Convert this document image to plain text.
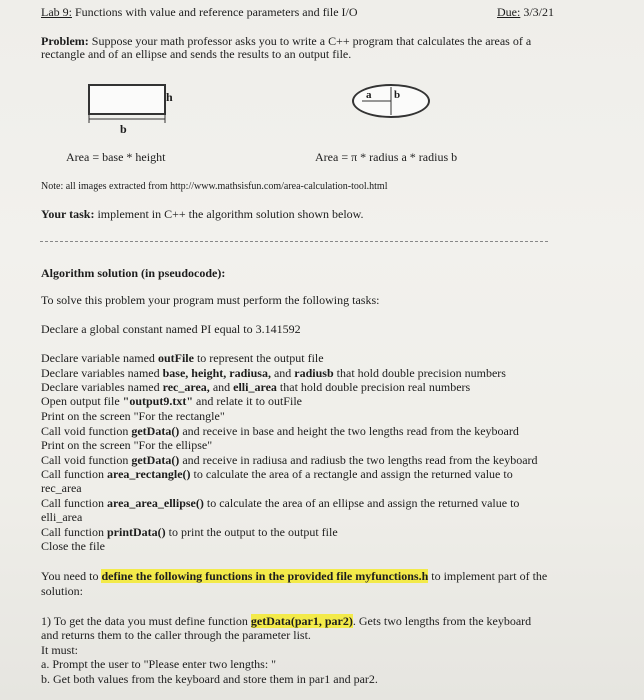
Lab 9: Functions with value and reference parameters and file I/O	Due: 3/3/21
Problem: Suppose your math professor asks you to write a C++ program that calculates the areas of a
rectangle and of an ellipse and sends the results to an output file.
h
b
a b
Area = base * height	Area = π * radius a * radius b
Note: all images extracted from http://www.mathsisfun.com/area-calculation-tool.html
Your task: implement in C++ the algorithm solution shown below.
Algorithm solution (in pseudocode):
To solve this problem your program must perform the following tasks:
Declare a global constant named PI equal to 3.141592
Declare variable named outFile to represent the output file
Declare variables named base, height, radiusa, and radiusb that hold double precision numbers
Declare variables named rec_area, and elli_area that hold double precision real numbers
Open output file "output9.txt" and relate it to outFile
Print on the screen "For the rectangle"
Call void function getData() and receive in base and height the two lengths read from the keyboard
Print on the screen "For the ellipse"
Call void function getData() and receive in radiusa and radiusb the two lengths read from the keyboard
Call function area_rectangle() to calculate the area of a rectangle and assign the returned value to
rec_area
Call function area_area_ellipse() to calculate the area of an ellipse and assign the returned value to
elli_area
Call function printData() to print the output to the output file
Close the file
You need to define the following functions in the provided file myfunctions.h to implement part of the
solution:
1) To get the data you must define function getData(par1, par2). Gets two lengths from the keyboard
and returns them to the caller through the parameter list.
It must:
a. Prompt the user to "Please enter two lengths: "
b. Get both values from the keyboard and store them in par1 and par2.
